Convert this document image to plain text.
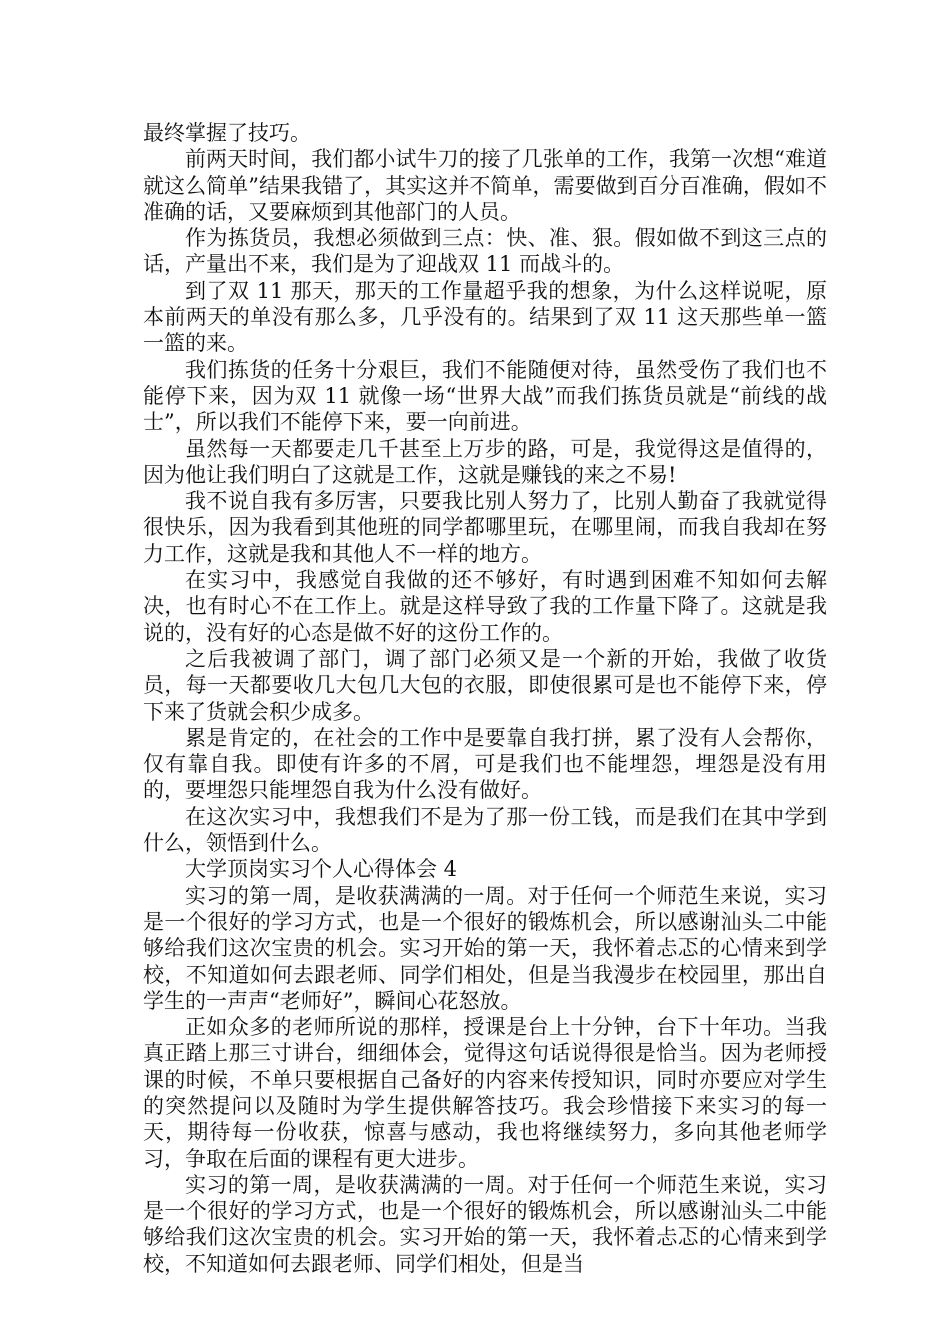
最终掌握了技巧。

前两天时间，我们都小试牛刀的接了几张单的工作，我第一次想“难道就这么简单”结果我错了，其实这并不简单，需要做到百分百准确，假如不准确的话，又要麻烦到其他部门的人员。

作为拣货员，我想必须做到三点：快、准、狠。假如做不到这三点的话，产量出不来，我们是为了迎战双 11 而战斗的。

到了双 11 那天，那天的工作量超乎我的想象，为什么这样说呢，原本前两天的单没有那么多，几乎没有的。结果到了双 11 这天那些单一篮一篮的来。

我们拣货的任务十分艰巨，我们不能随便对待，虽然受伤了我们也不能停下来，因为双 11 就像一场“世界大战”而我们拣货员就是“前线的战士”，所以我们不能停下来，要一向前进。

虽然每一天都要走几千甚至上万步的路，可是，我觉得这是值得的，因为他让我们明白了这就是工作，这就是赚钱的来之不易!

我不说自我有多厉害，只要我比别人努力了，比别人勤奋了我就觉得很快乐，因为我看到其他班的同学都哪里玩，在哪里闹，而我自我却在努力工作，这就是我和其他人不一样的地方。

在实习中，我感觉自我做的还不够好，有时遇到困难不知如何去解决，也有时心不在工作上。就是这样导致了我的工作量下降了。这就是我说的，没有好的心态是做不好的这份工作的。

之后我被调了部门，调了部门必须又是一个新的开始，我做了收货员，每一天都要收几大包几大包的衣服，即使很累可是也不能停下来，停下来了货就会积少成多。

累是肯定的，在社会的工作中是要靠自我打拼，累了没有人会帮你，仅有靠自我。即使有许多的不屑，可是我们也不能埋怨，埋怨是没有用的，要埋怨只能埋怨自我为什么没有做好。

在这次实习中，我想我们不是为了那一份工钱，而是我们在其中学到什么，领悟到什么。

大学顶岗实习个人心得体会 4

实习的第一周，是收获满满的一周。对于任何一个师范生来说，实习是一个很好的学习方式，也是一个很好的锻炼机会，所以感谢汕头二中能够给我们这次宝贵的机会。实习开始的第一天，我怀着忐忑的心情来到学校，不知道如何去跟老师、同学们相处，但是当我漫步在校园里，那出自学生的一声声“老师好”，瞬间心花怒放。

正如众多的老师所说的那样，授课是台上十分钟，台下十年功。当我真正踏上那三寸讲台，细细体会，觉得这句话说得很是恰当。因为老师授课的时候，不单只要根据自己备好的内容来传授知识，同时亦要应对学生的突然提问以及随时为学生提供解答技巧。我会珍惜接下来实习的每一天，期待每一份收获，惊喜与感动，我也将继续努力，多向其他老师学习，争取在后面的课程有更大进步。

实习的第一周，是收获满满的一周。对于任何一个师范生来说，实习是一个很好的学习方式，也是一个很好的锻炼机会，所以感谢汕头二中能够给我们这次宝贵的机会。实习开始的第一天，我怀着忐忑的心情来到学校，不知道如何去跟老师、同学们相处，但是当
